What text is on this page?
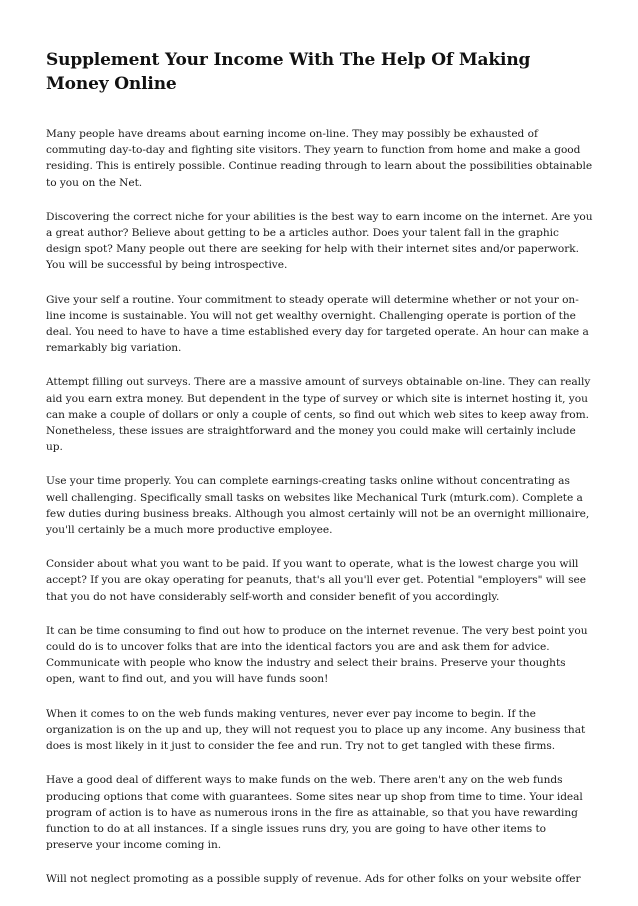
Supplement Your Income With The Help Of Making Money Online

Many people have dreams about earning income on-line. They may possibly be exhausted of commuting day-to-day and fighting site visitors. They yearn to function from home and make a good residing. This is entirely possible. Continue reading through to learn about the possibilities obtainable to you on the Net.

Discovering the correct niche for your abilities is the best way to earn income on the internet. Are you a great author? Believe about getting to be a articles author. Does your talent fall in the graphic design spot? Many people out there are seeking for help with their internet sites and/or paperwork. You will be successful by being introspective.

Give your self a routine. Your commitment to steady operate will determine whether or not your on-line income is sustainable. You will not get wealthy overnight. Challenging operate is portion of the deal. You need to have to have a time established every day for targeted operate. An hour can make a remarkably big variation.

Attempt filling out surveys. There are a massive amount of surveys obtainable on-line. They can really aid you earn extra money. But dependent in the type of survey or which site is internet hosting it, you can make a couple of dollars or only a couple of cents, so find out which web sites to keep away from. Nonetheless, these issues are straightforward and the money you could make will certainly include up.

Use your time properly. You can complete earnings-creating tasks online without concentrating as well challenging. Specifically small tasks on websites like Mechanical Turk (mturk.com). Complete a few duties during business breaks. Although you almost certainly will not be an overnight millionaire, you'll certainly be a much more productive employee.

Consider about what you want to be paid. If you want to operate, what is the lowest charge you will accept? If you are okay operating for peanuts, that's all you'll ever get. Potential "employers" will see that you do not have considerably self-worth and consider benefit of you accordingly.

It can be time consuming to find out how to produce on the internet revenue. The very best point you could do is to uncover folks that are into the identical factors you are and ask them for advice. Communicate with people who know the industry and select their brains. Preserve your thoughts open, want to find out, and you will have funds soon!

When it comes to on the web funds making ventures, never ever pay income to begin. If the organization is on the up and up, they will not request you to place up any income. Any business that does is most likely in it just to consider the fee and run. Try not to get tangled with these firms.

Have a good deal of different ways to make funds on the web. There aren't any on the web funds producing options that come with guarantees. Some sites near up shop from time to time. Your ideal program of action is to have as numerous irons in the fire as attainable, so that you have rewarding function to do at all instances. If a single issues runs dry, you are going to have other items to preserve your income coming in.

Will not neglect promoting as a possible supply of revenue. Ads for other folks on your website offer
